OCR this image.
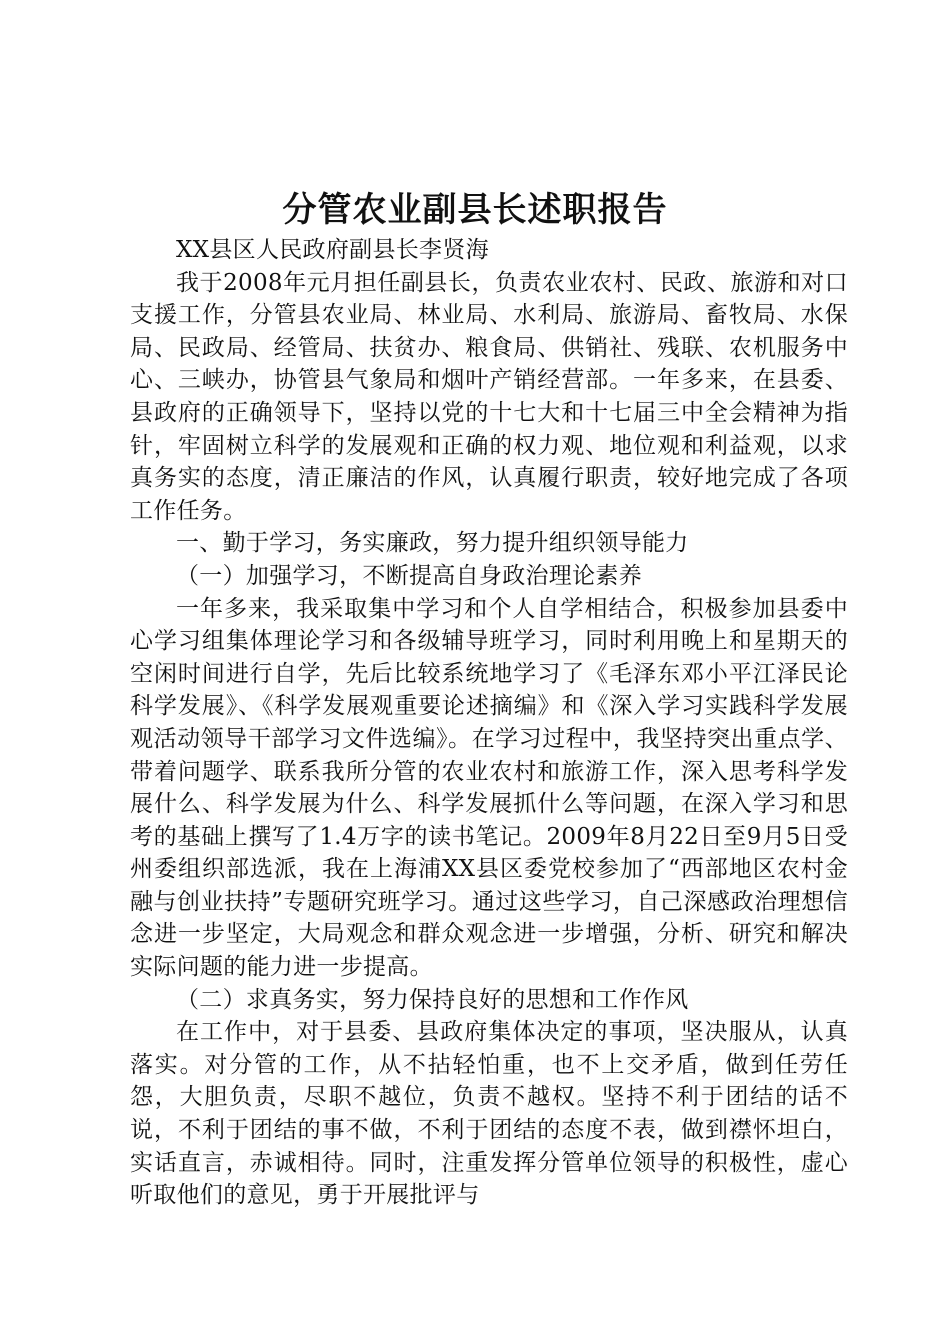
分管农业副县长述职报告

XX县区人民政府副县长李贤海

我于2008年元月担任副县长，负责农业农村、民政、旅游和对口支援工作，分管县农业局、林业局、水利局、旅游局、畜牧局、水保局、民政局、经管局、扶贫办、粮食局、供销社、残联、农机服务中心、三峡办，协管县气象局和烟叶产销经营部。一年多来，在县委、县政府的正确领导下，坚持以党的十七大和十七届三中全会精神为指针，牢固树立科学的发展观和正确的权力观、地位观和利益观，以求真务实的态度，清正廉洁的作风，认真履行职责，较好地完成了各项工作任务。

一、勤于学习，务实廉政，努力提升组织领导能力

（一）加强学习，不断提高自身政治理论素养

一年多来，我采取集中学习和个人自学相结合，积极参加县委中心学习组集体理论学习和各级辅导班学习，同时利用晚上和星期天的空闲时间进行自学，先后比较系统地学习了《毛泽东邓小平江泽民论科学发展》、《科学发展观重要论述摘编》和《深入学习实践科学发展观活动领导干部学习文件选编》。在学习过程中，我坚持突出重点学、带着问题学、联系我所分管的农业农村和旅游工作，深入思考科学发展什么、科学发展为什么、科学发展抓什么等问题，在深入学习和思考的基础上撰写了1.4万字的读书笔记。2009年8月22日至9月5日受州委组织部选派，我在上海浦XX县区委党校参加了“西部地区农村金融与创业扶持”专题研究班学习。通过这些学习，自己深感政治理想信念进一步坚定，大局观念和群众观念进一步增强，分析、研究和解决实际问题的能力进一步提高。

（二）求真务实，努力保持良好的思想和工作作风

在工作中，对于县委、县政府集体决定的事项，坚决服从，认真落实。对分管的工作，从不拈轻怕重，也不上交矛盾，做到任劳任怨，大胆负责，尽职不越位，负责不越权。坚持不利于团结的话不说，不利于团结的事不做，不利于团结的态度不表，做到襟怀坦白，实话直言，赤诚相待。同时，注重发挥分管单位领导的积极性，虚心听取他们的意见，勇于开展批评与
